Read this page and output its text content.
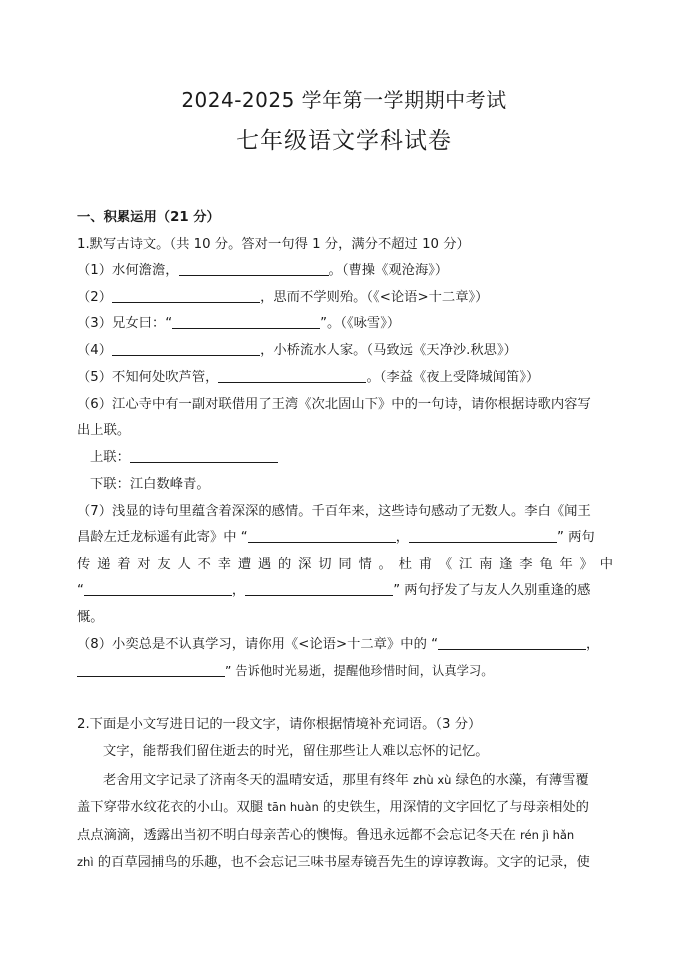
2024-2025 学年第一学期期中考试
七年级语文学科试卷
一、积累运用（21 分）
1.默写古诗文。（共 10 分。答对一句得 1 分，满分不超过 10 分）
（1）水何澹澹，	。（曹操《观沧海》）
（2）	，思而不学则殆。（《<论语>十二章》）
（3）兄女曰：“	”。（《咏雪》）
（4）	，小桥流水人家。（马致远《天净沙.秋思》）
（5）不知何处吹芦管，	。（李益《夜上受降城闻笛》）
（6）江心寺中有一副对联借用了王湾《次北固山下》中的一句诗，请你根据诗歌内容写
出上联。
上联：
下联：江白数峰青。
（7）浅显的诗句里蕴含着深深的感情。千百年来，这些诗句感动了无数人。李白《闻王
昌龄左迁龙标遥有此寄》中 “	，	” 两句
传递着对友人不幸遭遇的深切同情。杜甫《江南逢李龟年》中
“	，	” 两句抒发了与友人久别重逢的感
慨。
（8）小奕总是不认真学习，请你用《<论语>十二章》中的 “	，
” 告诉他时光易逝，提醒他珍惜时间，认真学习。
2.下面是小文写进日记的一段文字，请你根据情境补充词语。（3 分）
文字，能帮我们留住逝去的时光，留住那些让人难以忘怀的记忆。
老舍用文字记录了济南冬天的温晴安适，那里有终年 zhù xù 绿色的水藻，有薄雪覆
盖下穿带水纹花衣的小山。双腿 tān huàn 的史铁生，用深情的文字回忆了与母亲相处的
点点滴滴，透露出当初不明白母亲苦心的懊悔。鲁迅永远都不会忘记冬天在 rén jì hǎn
zhì 的百草园捕鸟的乐趣，也不会忘记三味书屋寿镜吾先生的谆谆教诲。文字的记录，使
